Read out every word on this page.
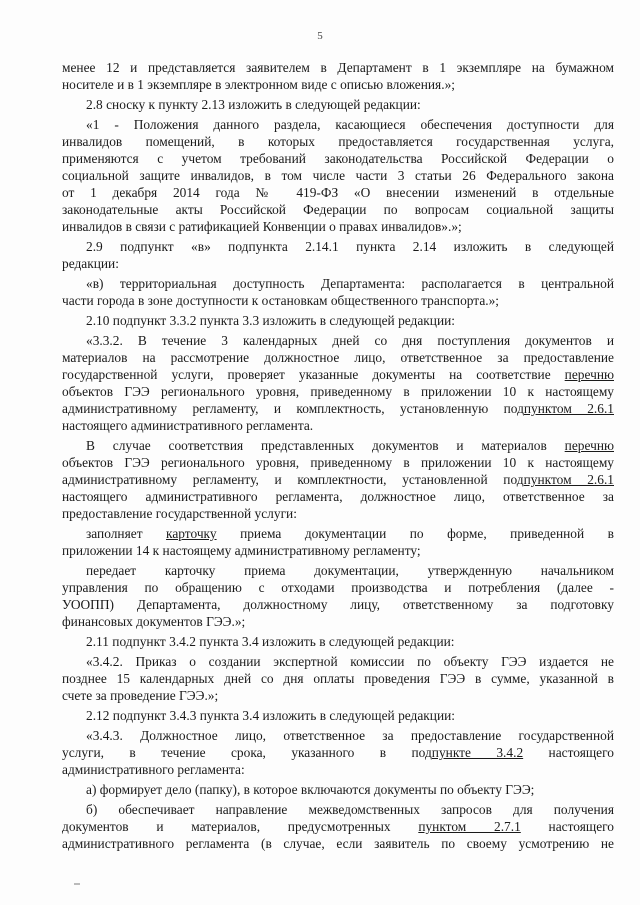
5
менее 12 и представляется заявителем в Департамент в 1 экземпляре на бумажном
носителе и в 1 экземпляре в электронном виде с описью вложения.»;
2.8 сноску к пункту 2.13 изложить в следующей редакции:
«1 - Положения данного раздела, касающиеся обеспечения доступности для
инвалидов помещений, в которых предоставляется государственная услуга,
применяются с учетом требований законодательства Российской Федерации о
социальной защите инвалидов, в том числе части 3 статьи 26 Федерального закона
от 1 декабря 2014 года № 419-ФЗ «О внесении изменений в отдельные
законодательные акты Российской Федерации по вопросам социальной защиты
инвалидов в связи с ратификацией Конвенции о правах инвалидов».»;
2.9 подпункт «в» подпункта 2.14.1 пункта 2.14 изложить в следующей
редакции:
«в) территориальная доступность Департамента: располагается в центральной
части города в зоне доступности к остановкам общественного транспорта.»;
2.10 подпункт 3.3.2 пункта 3.3 изложить в следующей редакции:
«3.3.2. В течение 3 календарных дней со дня поступления документов и
материалов на рассмотрение должностное лицо, ответственное за предоставление
государственной услуги, проверяет указанные документы на соответствие перечню
объектов ГЭЭ регионального уровня, приведенному в приложении 10 к настоящему
административному регламенту, и комплектность, установленную подпунктом 2.6.1
настоящего административного регламента.
В случае соответствия представленных документов и материалов перечню
объектов ГЭЭ регионального уровня, приведенному в приложении 10 к настоящему
административному регламенту, и комплектности, установленной подпунктом 2.6.1
настоящего административного регламента, должностное лицо, ответственное за
предоставление государственной услуги:
заполняет карточку приема документации по форме, приведенной в
приложении 14 к настоящему административному регламенту;
передает карточку приема документации, утвержденную начальником
управления по обращению с отходами производства и потребления (далее -
УООПП) Департамента, должностному лицу, ответственному за подготовку
финансовых документов ГЭЭ.»;
2.11 подпункт 3.4.2 пункта 3.4 изложить в следующей редакции:
«3.4.2. Приказ о создании экспертной комиссии по объекту ГЭЭ издается не
позднее 15 календарных дней со дня оплаты проведения ГЭЭ в сумме, указанной в
счете за проведение ГЭЭ.»;
2.12 подпункт 3.4.3 пункта 3.4 изложить в следующей редакции:
«3.4.3. Должностное лицо, ответственное за предоставление государственной
услуги, в течение срока, указанного в подпункте 3.4.2 настоящего
административного регламента:
а) формирует дело (папку), в которое включаются документы по объекту ГЭЭ;
б) обеспечивает направление межведомственных запросов для получения
документов и материалов, предусмотренных пунктом 2.7.1 настоящего
административного регламента (в случае, если заявитель по своему усмотрению не
